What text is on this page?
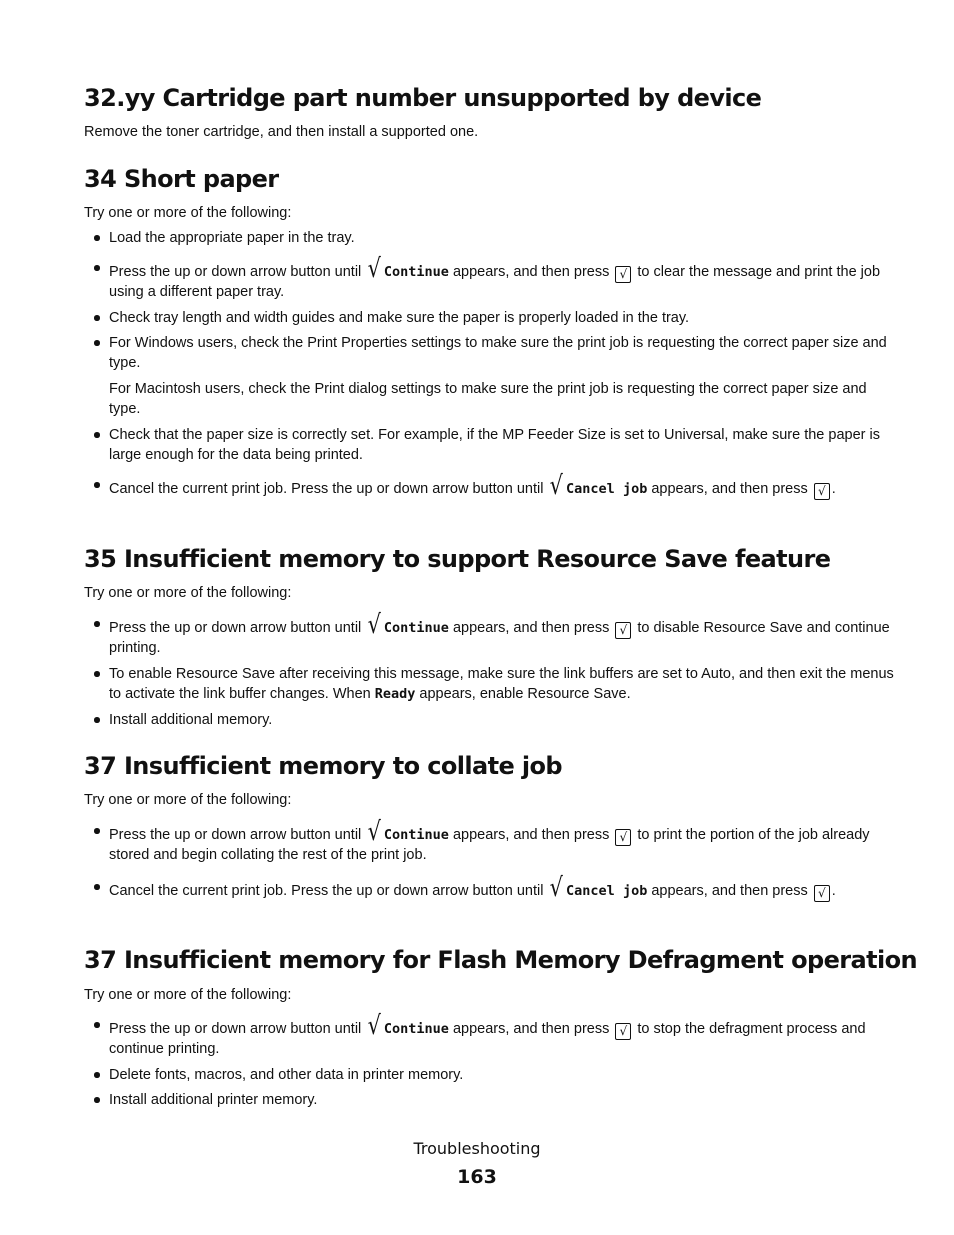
32.yy Cartridge part number unsupported by device
Remove the toner cartridge, and then install a supported one.
34 Short paper
Try one or more of the following:
Load the appropriate paper in the tray.
Press the up or down arrow button until √ Continue appears, and then press √ to clear the message and print the job using a different paper tray.
Check tray length and width guides and make sure the paper is properly loaded in the tray.
For Windows users, check the Print Properties settings to make sure the print job is requesting the correct paper size and type.
For Macintosh users, check the Print dialog settings to make sure the print job is requesting the correct paper size and type.
Check that the paper size is correctly set. For example, if the MP Feeder Size is set to Universal, make sure the paper is large enough for the data being printed.
Cancel the current print job. Press the up or down arrow button until √ Cancel job appears, and then press √ .
35 Insufficient memory to support Resource Save feature
Try one or more of the following:
Press the up or down arrow button until √ Continue appears, and then press √ to disable Resource Save and continue printing.
To enable Resource Save after receiving this message, make sure the link buffers are set to Auto, and then exit the menus to activate the link buffer changes. When Ready appears, enable Resource Save.
Install additional memory.
37 Insufficient memory to collate job
Try one or more of the following:
Press the up or down arrow button until √ Continue appears, and then press √ to print the portion of the job already stored and begin collating the rest of the print job.
Cancel the current print job. Press the up or down arrow button until √ Cancel job appears, and then press √ .
37 Insufficient memory for Flash Memory Defragment operation
Try one or more of the following:
Press the up or down arrow button until √ Continue appears, and then press √ to stop the defragment process and continue printing.
Delete fonts, macros, and other data in printer memory.
Install additional printer memory.
Troubleshooting
163
